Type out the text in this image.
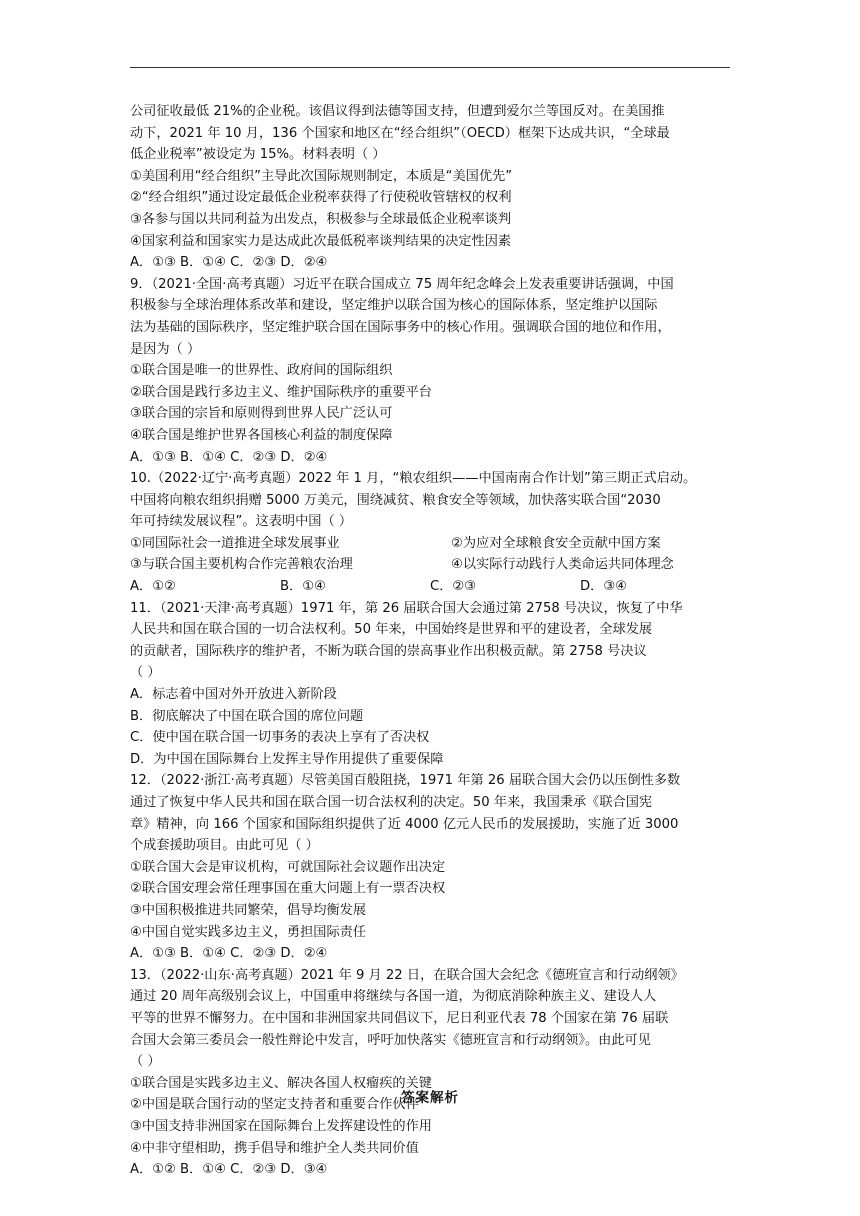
公司征收最低 21%的企业税。该倡议得到法德等国支持，但遭到爱尔兰等国反对。在美国推
动下，2021 年 10 月，136 个国家和地区在“经合组织”（OECD）框架下达成共识，“全球最
低企业税率”被设定为 15%。材料表明（ ）
①美国利用“经合组织”主导此次国际规则制定，本质是“美国优先”
②“经合组织”通过设定最低企业税率获得了行使税收管辖权的权利
③各参与国以共同利益为出发点，积极参与全球最低企业税率谈判
④国家利益和国家实力是达成此次最低税率谈判结果的决定性因素
A．①③ B．①④ C．②③ D．②④
9．（2021·全国·高考真题）习近平在联合国成立 75 周年纪念峰会上发表重要讲话强调，中国
积极参与全球治理体系改革和建设，坚定维护以联合国为核心的国际体系，坚定维护以国际
法为基础的国际秩序，坚定维护联合国在国际事务中的核心作用。强调联合国的地位和作用，
是因为（ ）
①联合国是唯一的世界性、政府间的国际组织
②联合国是践行多边主义、维护国际秩序的重要平台
③联合国的宗旨和原则得到世界人民广泛认可
④联合国是维护世界各国核心利益的制度保障
A．①③ B．①④ C．②③ D．②④
10.（2022·辽宁·高考真题）2022 年 1 月，“粮农组织——中国南南合作计划”第三期正式启动。
中国将向粮农组织捐赠 5000 万美元，围绕减贫、粮食安全等领域，加快落实联合国“2030
年可持续发展议程”。这表明中国（ ）
①同国际社会一道推进全球发展事业	②为应对全球粮食安全贡献中国方案
③与联合国主要机构合作完善粮农治理	④以实际行动践行人类命运共同体理念
A．①②	B．①④	C．②③	D．③④
11．（2021·天津·高考真题）1971 年，第 26 届联合国大会通过第 2758 号决议，恢复了中华
人民共和国在联合国的一切合法权利。50 年来，中国始终是世界和平的建设者，全球发展
的贡献者，国际秩序的维护者，不断为联合国的崇高事业作出积极贡献。第 2758 号决议
（ ）
A．标志着中国对外开放进入新阶段
B．彻底解决了中国在联合国的席位问题
C．使中国在联合国一切事务的表决上享有了否决权
D．为中国在国际舞台上发挥主导作用提供了重要保障
12．（2022·浙江·高考真题）尽管美国百般阻挠，1971 年第 26 届联合国大会仍以压倒性多数
通过了恢复中华人民共和国在联合国一切合法权利的决定。50 年来，我国秉承《联合国宪
章》精神，向 166 个国家和国际组织提供了近 4000 亿元人民币的发展援助，实施了近 3000
个成套援助项目。由此可见（ ）
①联合国大会是审议机构，可就国际社会议题作出决定
②联合国安理会常任理事国在重大问题上有一票否决权
③中国积极推进共同繁荣，倡导均衡发展
④中国自觉实践多边主义，勇担国际责任
A．①③ B．①④ C．②③ D．②④
13．（2022·山东·高考真题）2021 年 9 月 22 日，在联合国大会纪念《德班宣言和行动纲领》
通过 20 周年高级别会议上，中国重申将继续与各国一道，为彻底消除种族主义、建设人人
平等的世界不懈努力。在中国和非洲国家共同倡议下，尼日利亚代表 78 个国家在第 76 届联
合国大会第三委员会一般性辩论中发言，呼吁加快落实《德班宣言和行动纲领》。由此可见
（ ）
①联合国是实践多边主义、解决各国人权瘤疾的关键
②中国是联合国行动的坚定支持者和重要合作伙伴
③中国支持非洲国家在国际舞台上发挥建设性的作用
④中非守望相助，携手倡导和维护全人类共同价值
A．①② B．①④ C．②③ D．③④
答案解析
